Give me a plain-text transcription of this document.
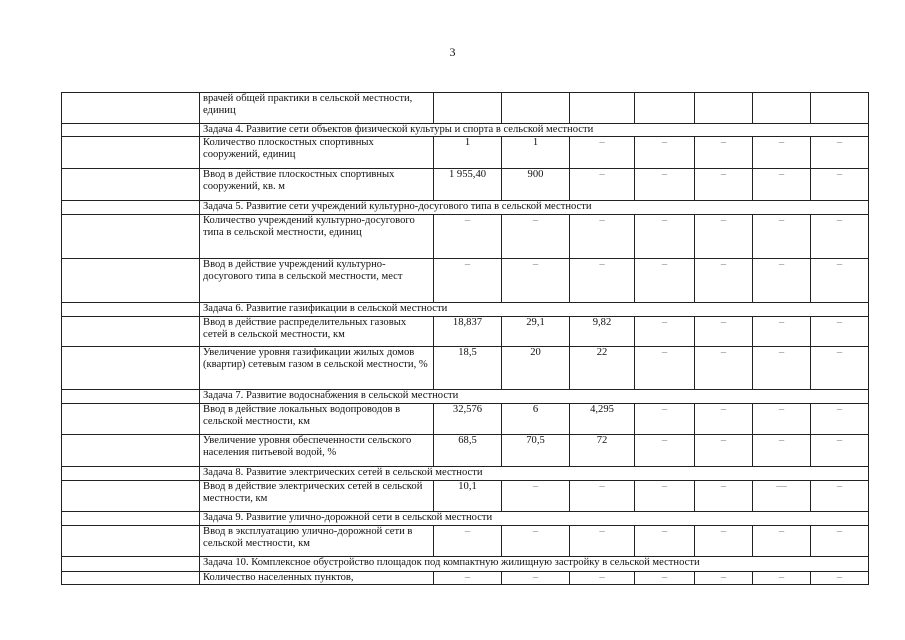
3
	врачей общей практики в сельской местности, единиц							
	Задача 4. Развитие сети объектов физической культуры и спорта в сельской местности							
	Количество плоскостных спортивных сооружений, единиц	1	1	–	–	–	–	–
	Ввод в действие плоскостных спортивных сооружений, кв. м	1 955,40	900	–	–	–	–	–
	Задача 5. Развитие сети учреждений культурно-досугового типа в сельской местности							
	Количество учреждений культурно-досугового типа в сельской местности, единиц	–	–	–	–	–	–	–
	Ввод в действие учреждений культурно-досугового типа в сельской местности, мест	–	–	–	–	–	–	–
	Задача 6. Развитие газификации в сельской местности							
	Ввод в действие распределительных газовых сетей в сельской местности, км	18,837	29,1	9,82	–	–	–	–
	Увеличение уровня газификации жилых домов (квартир) сетевым газом в сельской местности, %	18,5	20	22	–	–	–	–
	Задача 7. Развитие водоснабжения в сельской местности							
	Ввод в действие локальных водопроводов в сельской местности, км	32,576	6	4,295	–	–	–	–
	Увеличение уровня обеспеченности сельского населения питьевой водой, %	68,5	70,5	72	–	–	–	–
	Задача 8. Развитие электрических сетей в сельской местности							
	Ввод в действие электрических сетей в сельской местности, км	10,1	–	–	–	–	—	–
	Задача 9. Развитие улично-дорожной сети в сельской местности							
	Ввод в эксплуатацию улично-дорожной сети в сельской местности, км	–	–	–	–	–	–	–
	Задача 10. Комплексное обустройство площадок под компактную жилищную застройку в сельской местности							
	Количество населенных пунктов,	–	–	–	–	–	–	–
